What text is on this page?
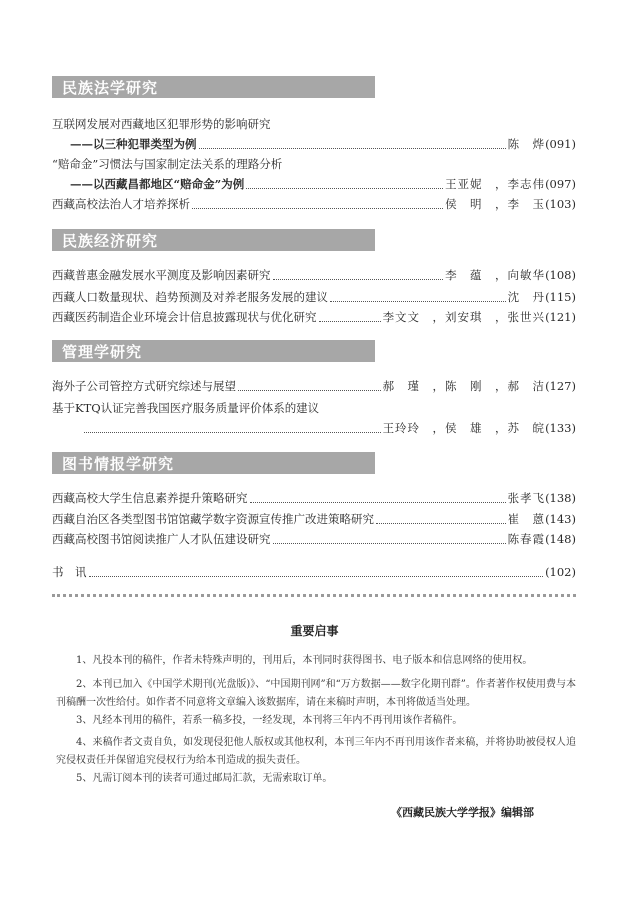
民族法学研究
互联网发展对西藏地区犯罪形势的影响研究
——以三种犯罪类型为例	陈　烨 (091)
“赔命金”习惯法与国家制定法关系的理路分析
——以西藏昌都地区“赔命金”为例	王亚妮　，李志伟 (097)
西藏高校法治人才培养探析	侯　明　，李　玉 (103)
民族经济研究
西藏普惠金融发展水平测度及影响因素研究	李　蕴　，向敏华 (108)
西藏人口数量现状、趋势预测及对养老服务发展的建议	沈　丹 (115)
西藏医药制造企业环境会计信息披露现状与优化研究	李文文　，刘安琪　，张世兴 (121)
管理学研究
海外子公司管控方式研究综述与展望	郝　瑾　，陈　刚　，郝　洁 (127)
基于KTQ认证完善我国医疗服务质量评价体系的建议
王玲玲　，侯　雄　，苏　皖 (133)
图书情报学研究
西藏高校大学生信息素养提升策略研究	张孝飞 (138)
西藏自治区各类型图书馆馆藏学数字资源宣传推广改进策略研究	崔　蒽 (143)
西藏高校图书馆阅读推广人才队伍建设研究	陈春霞 (148)
书　讯	(102)
重要启事
1、凡投本刊的稿件，作者未特殊声明的，刊用后，本刊同时获得图书、电子版本和信息网络的使用权。
2、本刊已加入《中国学术期刊(光盘版)》、“中国期刊网”和“万方数据——数字化期刊群”。作者著作权使用费与本刊稿酬一次性给付。如作者不同意将文章编入该数据库，请在来稿时声明，本刊将做适当处理。
3、凡经本刊用的稿件，若系一稿多投，一经发现，本刊将三年内不再刊用该作者稿件。
4、来稿作者文责自负，如发现侵犯他人版权或其他权利，本刊三年内不再刊用该作者来稿，并将协助被侵权人追究侵权责任并保留追究侵权行为给本刊造成的损失责任。
5、凡需订阅本刊的读者可通过邮局汇款，无需索取订单。
《西藏民族大学学报》编辑部
